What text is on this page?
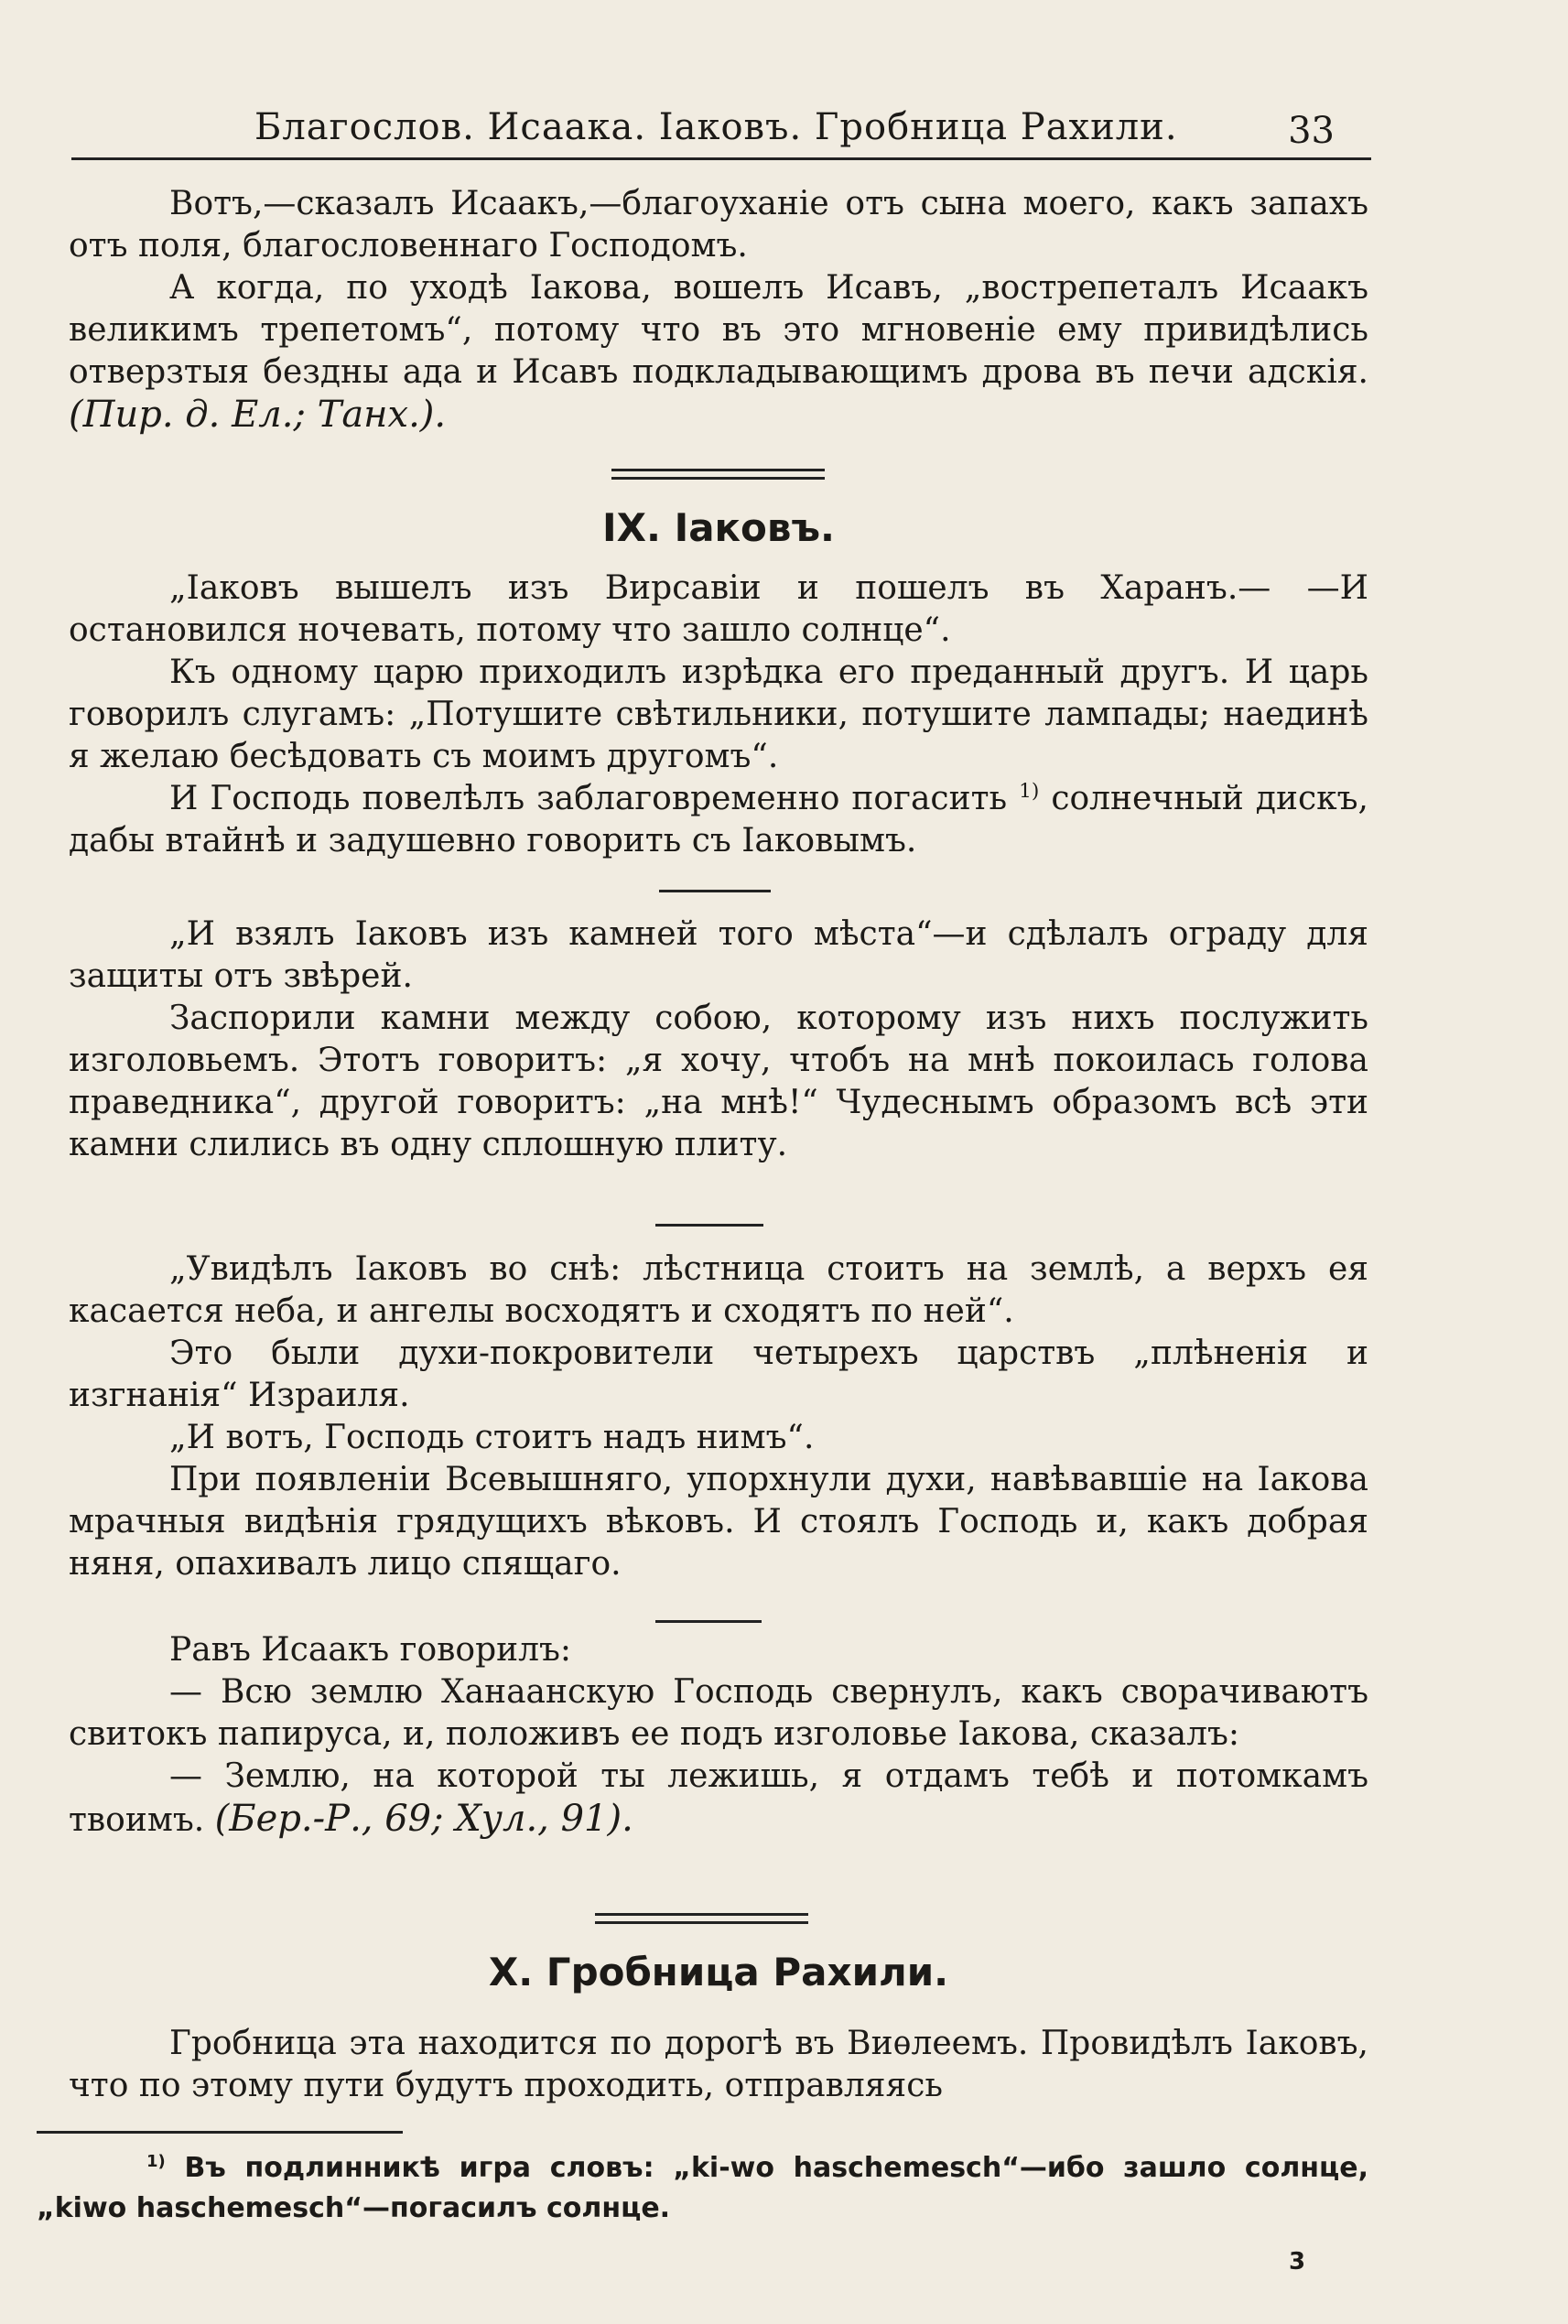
Благослов. Исаака. Іаковъ. Гробница Рахили.	33

Вотъ,—сказалъ Исаакъ,—благоуханіе отъ сына моего, какъ запахъ отъ поля, благословеннаго Господомъ.

А когда, по уходѣ Іакова, вошелъ Исавъ, „вострепеталъ Исаакъ великимъ трепетомъ“, потому что въ это мгновеніе ему привидѣлись отверзтыя бездны ада и Исавъ подкладывающимъ дрова въ печи адскія. (Пир. д. Ел.; Танх.).

IX. Іаковъ.

„Іаковъ вышелъ изъ Вирсавіи и пошелъ въ Харанъ.— —И остановился ночевать, потому что зашло солнце“.

Къ одному царю приходилъ изрѣдка его преданный другъ. И царь говорилъ слугамъ: „Потушите свѣтильники, потушите лампады; наединѣ я желаю бесѣдовать съ моимъ другомъ“.

И Господь повелѣлъ заблаговременно погасить $^{1)}$ солнечный дискъ, дабы втайнѣ и задушевно говорить съ Іаковымъ.

„И взялъ Іаковъ изъ камней того мѣста“—и сдѣлалъ ограду для защиты отъ звѣрей.

Заспорили камни между собою, которому изъ нихъ послужить изголовьемъ. Этотъ говоритъ: „я хочу, чтобъ на мнѣ покоилась голова праведника“, другой говоритъ: „на мнѣ!“ Чудеснымъ образомъ всѣ эти камни слились въ одну сплошную плиту.

„Увидѣлъ Іаковъ во снѣ: лѣстница стоитъ на землѣ, а верхъ ея касается неба, и ангелы восходятъ и сходятъ по ней“.

Это были духи-покровители четырехъ царствъ „плѣненія и изгнанія“ Израиля.

„И вотъ, Господь стоитъ надъ нимъ“.

При появленіи Всевышняго, упорхнули духи, навѣвавшіе на Іакова мрачныя видѣнія грядущихъ вѣковъ. И стоялъ Господь и, какъ добрая няня, опахивалъ лицо спящаго.

Равъ Исаакъ говорилъ:

— Всю землю Ханаанскую Господь свернулъ, какъ сворачиваютъ свитокъ папируса, и, положивъ ее подъ изголовье Іакова, сказалъ:

— Землю, на которой ты лежишь, я отдамъ тебѣ и потомкамъ твоимъ. (Бер.-Р., 69; Хул., 91).

X. Гробница Рахили.

Гробница эта находится по дорогѣ въ Виѳлеемъ. Провидѣлъ Іаковъ, что по этому пути будутъ проходить, отправляясь

$^{1)}$ Въ подлинникѣ игра словъ: „ki-wo haschemesch“—ибо зашло солнце, „kiwo haschemesch“—погасилъ солнце.
3
